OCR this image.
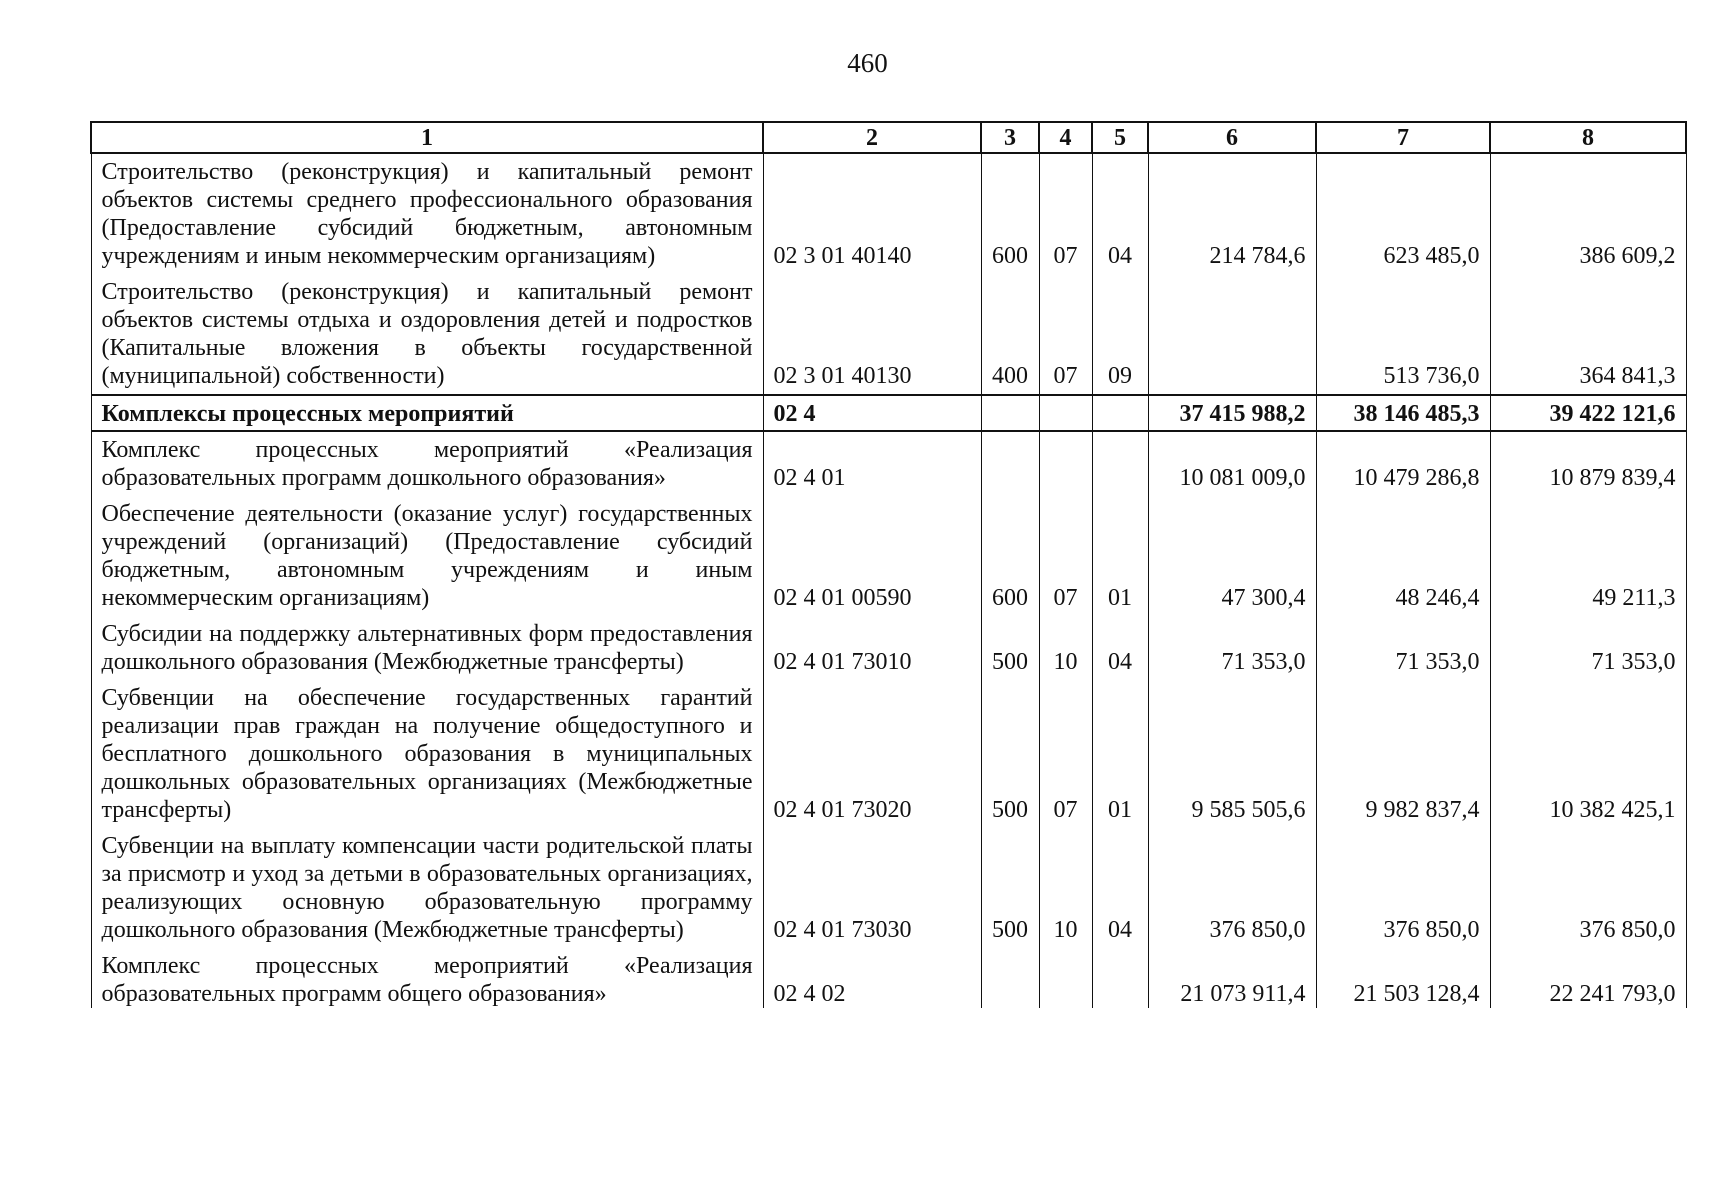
460
1	2	3	4	5	6	7	8
Строительство (реконструкция) и капитальный ремонт объектов системы среднего профессионального образования (Предоставление субсидий бюджетным, автономным учреждениям и иным некоммерческим организациям)	02 3 01 40140	600	07	04	214 784,6	623 485,0	386 609,2
Строительство (реконструкция) и капитальный ремонт объектов системы отдыха и оздоровления детей и подростков (Капитальные вложения в объекты государственной (муниципальной) собственности)	02 3 01 40130	400	07	09		513 736,0	364 841,3
Комплексы процессных мероприятий	02 4				37 415 988,2	38 146 485,3	39 422 121,6
Комплекс процессных мероприятий «Реализация образовательных программ дошкольного образования»	02 4 01				10 081 009,0	10 479 286,8	10 879 839,4
Обеспечение деятельности (оказание услуг) государственных учреждений (организаций) (Предоставление субсидий бюджетным, автономным учреждениям и иным некоммерческим организациям)	02 4 01 00590	600	07	01	47 300,4	48 246,4	49 211,3
Субсидии на поддержку альтернативных форм предоставления дошкольного образования (Межбюджетные трансферты)	02 4 01 73010	500	10	04	71 353,0	71 353,0	71 353,0
Субвенции на обеспечение государственных гарантий реализации прав граждан на получение общедоступного и бесплатного дошкольного образования в муниципальных дошкольных образовательных организациях (Межбюджетные трансферты)	02 4 01 73020	500	07	01	9 585 505,6	9 982 837,4	10 382 425,1
Субвенции на выплату компенсации части родительской платы за присмотр и уход за детьми в образовательных организациях, реализующих основную образовательную программу дошкольного образования (Межбюджетные трансферты)	02 4 01 73030	500	10	04	376 850,0	376 850,0	376 850,0
Комплекс процессных мероприятий «Реализация образовательных программ общего образования»	02 4 02				21 073 911,4	21 503 128,4	22 241 793,0
